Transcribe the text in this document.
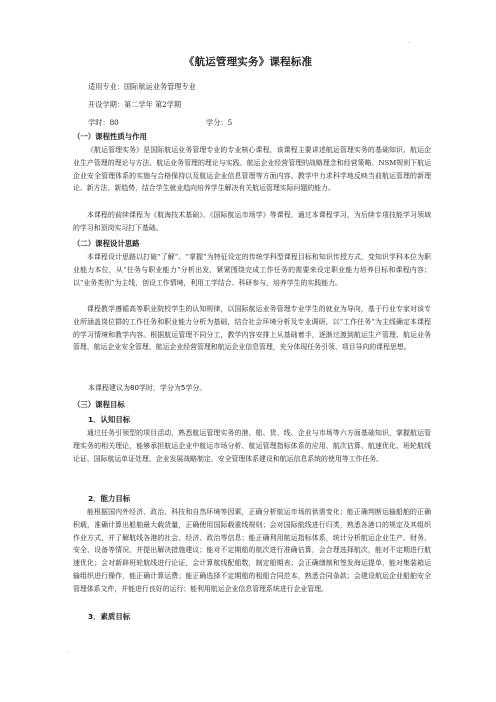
·
《航运管理实务》课程标准
适用专业：国际航运业务管理专业
开设学期：第二学年 第2学期
学时：80	学分：5
（一）课程性质与作用

《航运管理实务》是国际航运业务管理专业的专业核心课程，该课程主要讲述航运管理实务的基础知识、航运企业生产管理的理论与方法、航运业务管理的理论与实践、航运企业经营管理的战略理念和经营策略、NSM规则下航运企业安全管理体系的实施与合格保持以及航运企业信息管理等方面内容。教学中力求科学地反映当前航运管理的新理论、新方法、新趋势，结合学生就业趋向培养学生解决有关航运管理实际问题的能力。

本课程的前续课程为《航海技术基础》、《国际航运市场学》等课程，通过本课程学习，为后续专项技能学习领域的学习和顶岗实习打下基础。

（二）课程设计思路

本课程设计思路以打破“了解”、“掌握”为特征设定的传统学科型课程目标和知识传授方式，变知识学科本位为职业能力本位，从“任务与职业能力”分析出发，紧紧围绕完成工作任务的需要来设定职业能力培养目标和课程内容；以“业务类别”为主线，创设工作情境，利用工学结合、科研参与，培养学生的实践能力。

课程教学遵循高等职业院校学生的认知规律，以国际航运业务管理专业学生的就业为导向，基于行业专家对该专业所涵盖岗位群的工作任务和职业能力分析为基础，结合社会环境分析及专业调研，以“工作任务”为主线确定本课程的学习情境和教学内容。根据航运管理不同分工，教学内容安排上从基础着手，逐渐过渡到航运生产管理、航运业务管理、航运企业安全管理、航运企业经营管理和航运企业信息管理，充分体现任务引领、项目导向的课程思想。

本课程建议为80学时，学分为5学分。
（三）课程目标
1．认知目标

通过任务引领型的项目活动，熟悉航运管理实务的港、船、货、线、企业与市场等六方面基础知识，掌握航运管理实务的相关理论，能够承担航运企业中航运市场分析、航运管理指标体系的应用、航次估算、航速优化、班轮航线论证、国际航运单证处理、企业发展战略制定、安全管理体系建设和航运信息系统的使用等工作任务。

2．能力目标

能根据国内外经济、政治、科技和自然环境等因素，正确分析航运市场的供需变化；能正确判断运输船舶的正确积载，准确计算出船舶最大载货量，正确使用国际载重线规则；会对国际航线进行归类，熟悉各港口的规定及其组织作业方式，并了解航线各港的社会、经济、政治等信息；能正确利用航运指标体系，统计分析航运企业生产、财务、安全、设备等情况，并提出解决措施建议；能对不定期船的航次进行准确估算，会合理选择航次，能对不定期进行航速优化；会对新辟班轮航线进行论证，会计算航线配船数，制定船期表；会正确缮制和签发海运提单，能对集装箱运输组织进行操作，能正确计算运费；能正确选择不定期船的租船合同范本，熟悉合同条款；会建设航运企业船舶安全管理体系文件，并能进行良好的运行；能利用航运企业信息管理系统进行企业管理。

3．素质目标
·
